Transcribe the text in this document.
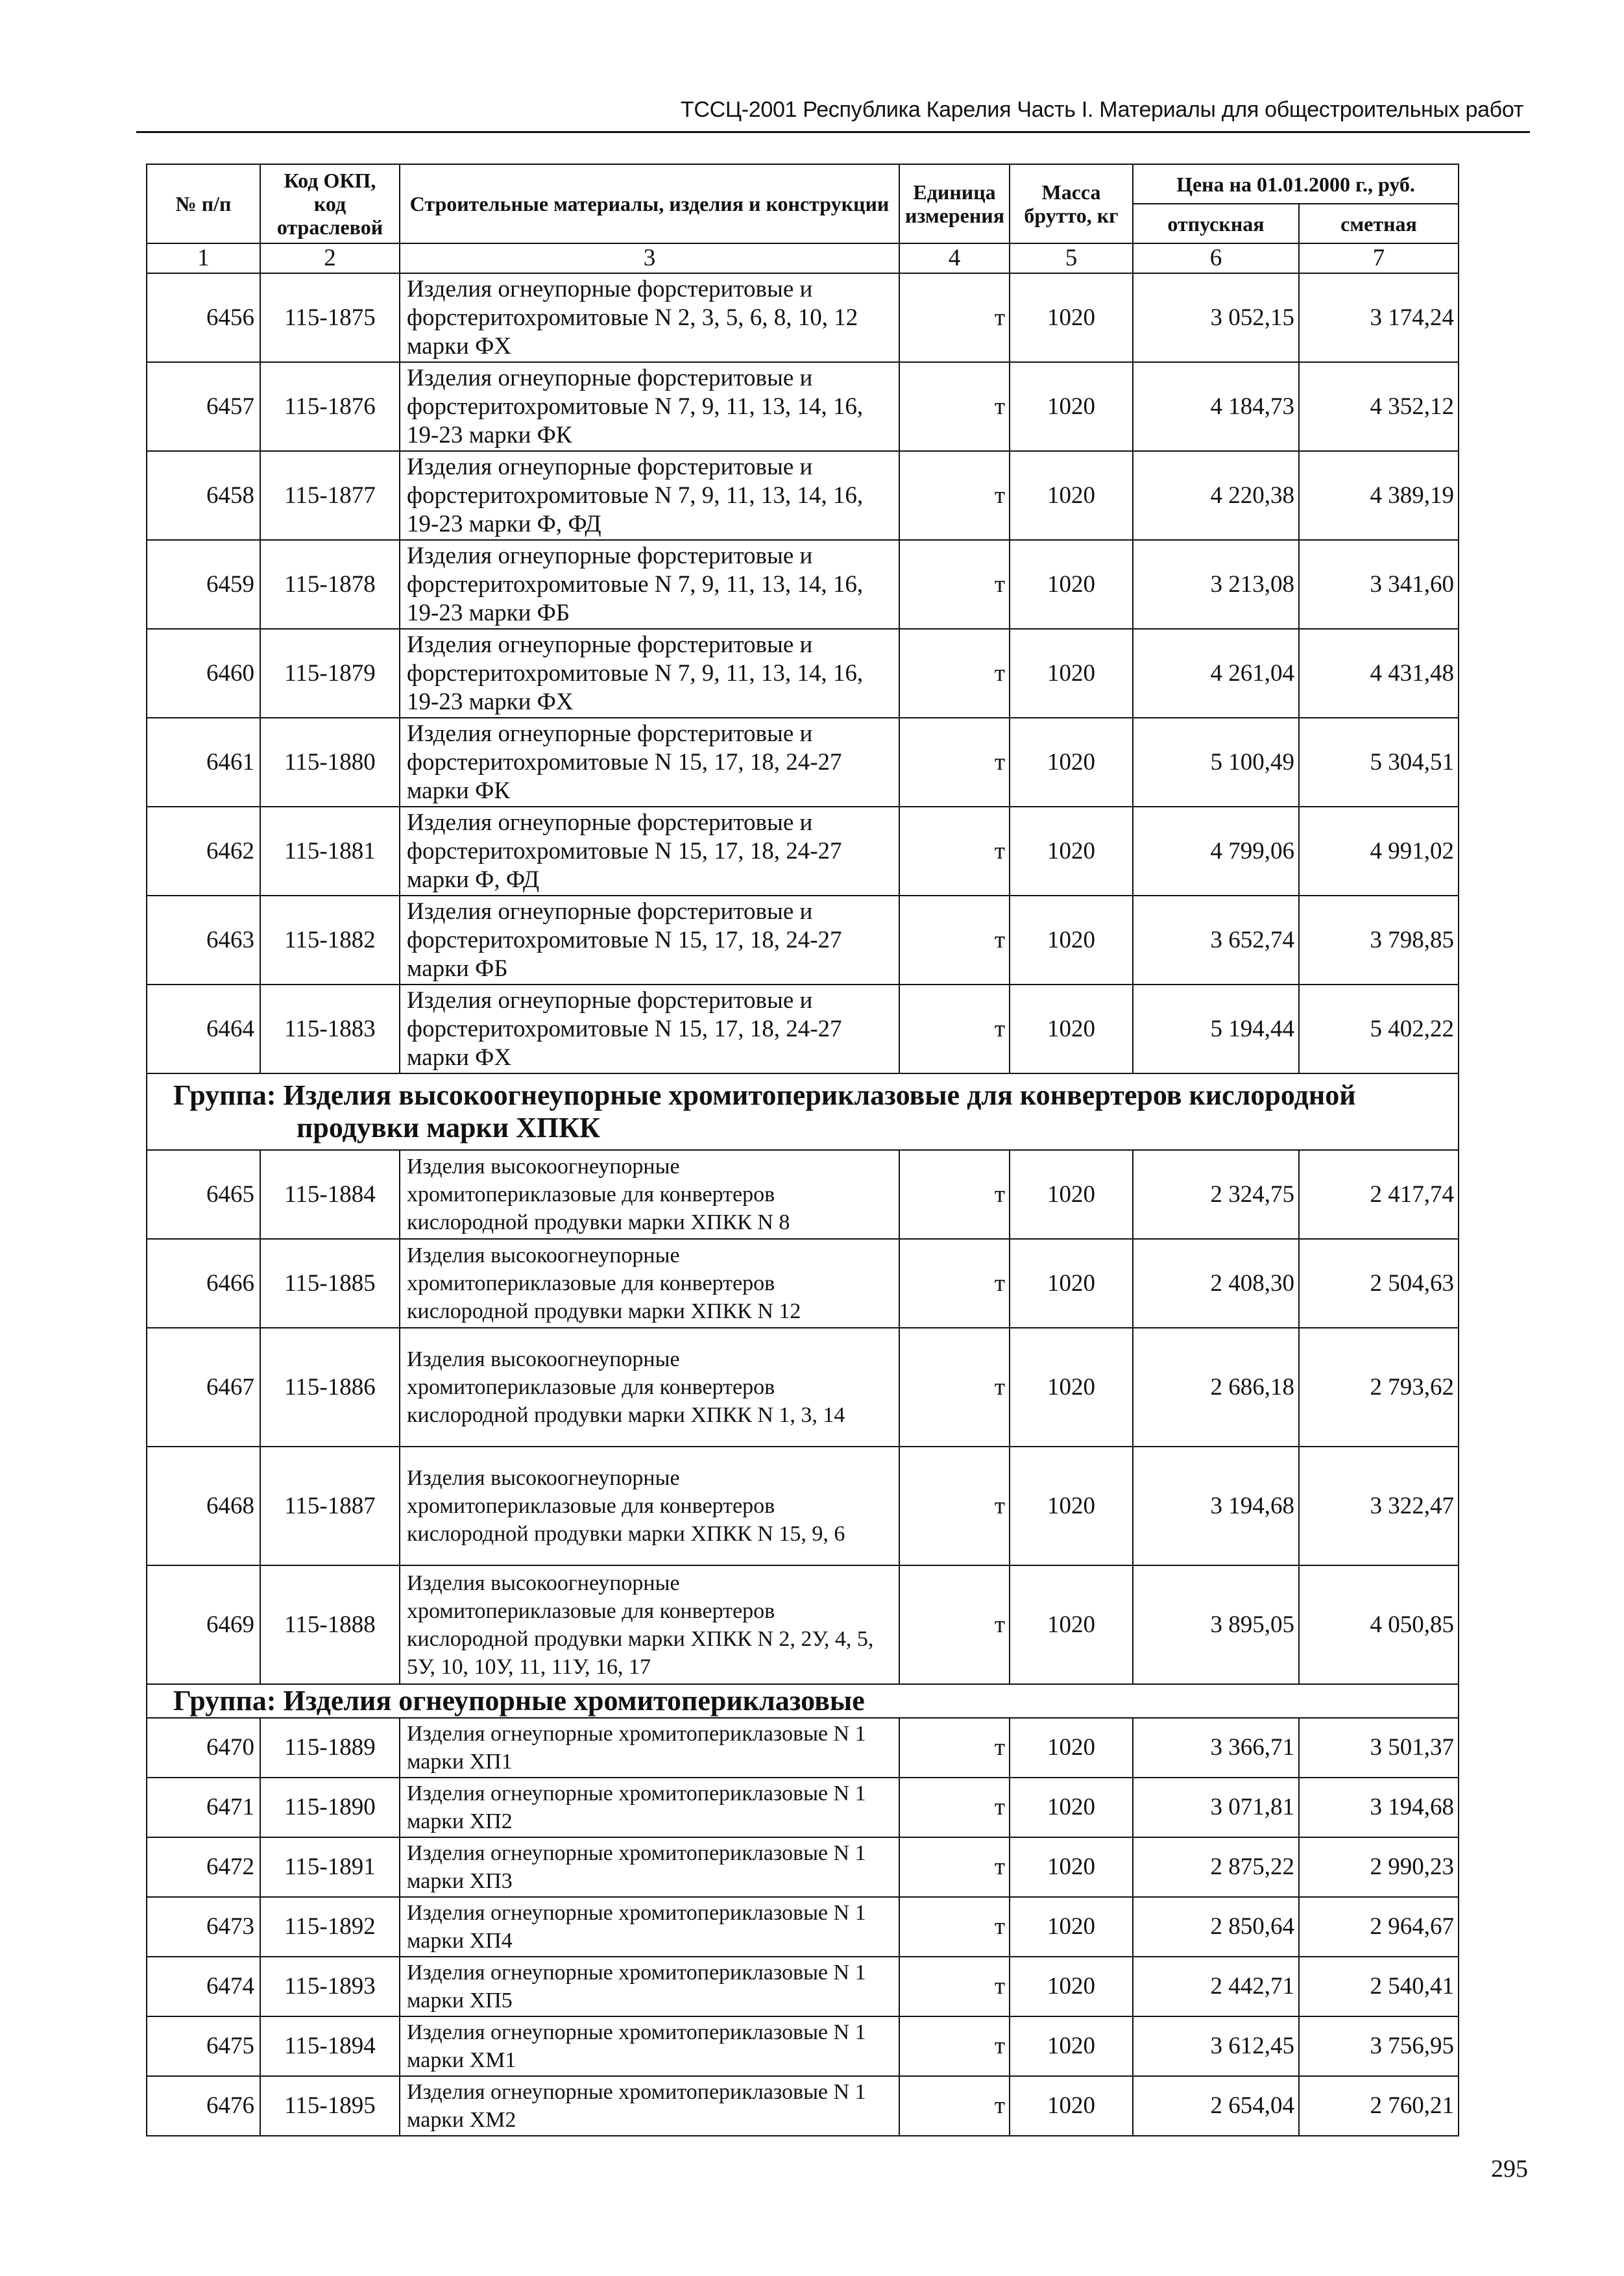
ТССЦ-2001 Республика Карелия Часть I. Материалы для общестроительных работ
№ п/п	Код ОКП, код отраслевой	Строительные материалы, изделия и конструкции	Единица измерения	Масса брутто, кг	Цена на 01.01.2000 г., руб.	
					отпускная	сметная
1	2	3	4	5	6	7
6456	115-1875	Изделия огнеупорные форстеритовые и форстеритохромитовые N 2, 3, 5, 6, 8, 10, 12 марки ФХ	т	1020	3 052,15	3 174,24
6457	115-1876	Изделия огнеупорные форстеритовые и форстеритохромитовые N 7, 9, 11, 13, 14, 16, 19-23 марки ФК	т	1020	4 184,73	4 352,12
6458	115-1877	Изделия огнеупорные форстеритовые и форстеритохромитовые N 7, 9, 11, 13, 14, 16, 19-23 марки Ф, ФД	т	1020	4 220,38	4 389,19
6459	115-1878	Изделия огнеупорные форстеритовые и форстеритохромитовые N 7, 9, 11, 13, 14, 16, 19-23 марки ФБ	т	1020	3 213,08	3 341,60
6460	115-1879	Изделия огнеупорные форстеритовые и форстеритохромитовые N 7, 9, 11, 13, 14, 16, 19-23 марки ФХ	т	1020	4 261,04	4 431,48
6461	115-1880	Изделия огнеупорные форстеритовые и форстеритохромитовые N 15, 17, 18, 24-27 марки ФК	т	1020	5 100,49	5 304,51
6462	115-1881	Изделия огнеупорные форстеритовые и форстеритохромитовые N 15, 17, 18, 24-27 марки Ф, ФД	т	1020	4 799,06	4 991,02
6463	115-1882	Изделия огнеупорные форстеритовые и форстеритохромитовые N 15, 17, 18, 24-27 марки ФБ	т	1020	3 652,74	3 798,85
6464	115-1883	Изделия огнеупорные форстеритовые и форстеритохромитовые N 15, 17, 18, 24-27 марки ФХ	т	1020	5 194,44	5 402,22
Группа: Изделия высокоогнеупорные хромитопериклазовые для конвертеров кислородной
продувки марки ХПКК						

6465	115-1884	Изделия высокоогнеупорные хромитопериклазовые для конвертеров кислородной продувки марки ХПКК N 8	т	1020	2 324,75	2 417,74
6466	115-1885	Изделия высокоогнеупорные хромитопериклазовые для конвертеров кислородной продувки марки ХПКК N 12	т	1020	2 408,30	2 504,63
6467	115-1886	Изделия высокоогнеупорные хромитопериклазовые для конвертеров кислородной продувки марки ХПКК N 1, 3, 14	т	1020	2 686,18	2 793,62
6468	115-1887	Изделия высокоогнеупорные хромитопериклазовые для конвертеров кислородной продувки марки ХПКК N 15, 9, 6	т	1020	3 194,68	3 322,47
6469	115-1888	Изделия высокоогнеупорные хромитопериклазовые для конвертеров кислородной продувки марки ХПКК N 2, 2У, 4, 5, 5У, 10, 10У, 11, 11У, 16, 17	т	1020	3 895,05	4 050,85
Группа: Изделия огнеупорные хромитопериклазовые						
6470	115-1889	Изделия огнеупорные хромитопериклазовые N 1 марки ХП1	т	1020	3 366,71	3 501,37
6471	115-1890	Изделия огнеупорные хромитопериклазовые N 1 марки ХП2	т	1020	3 071,81	3 194,68
6472	115-1891	Изделия огнеупорные хромитопериклазовые N 1 марки ХП3	т	1020	2 875,22	2 990,23
6473	115-1892	Изделия огнеупорные хромитопериклазовые N 1 марки ХП4	т	1020	2 850,64	2 964,67
6474	115-1893	Изделия огнеупорные хромитопериклазовые N 1 марки ХП5	т	1020	2 442,71	2 540,41
6475	115-1894	Изделия огнеупорные хромитопериклазовые N 1 марки ХМ1	т	1020	3 612,45	3 756,95
6476	115-1895	Изделия огнеупорные хромитопериклазовые N 1 марки ХМ2	т	1020	2 654,04	2 760,21
295
